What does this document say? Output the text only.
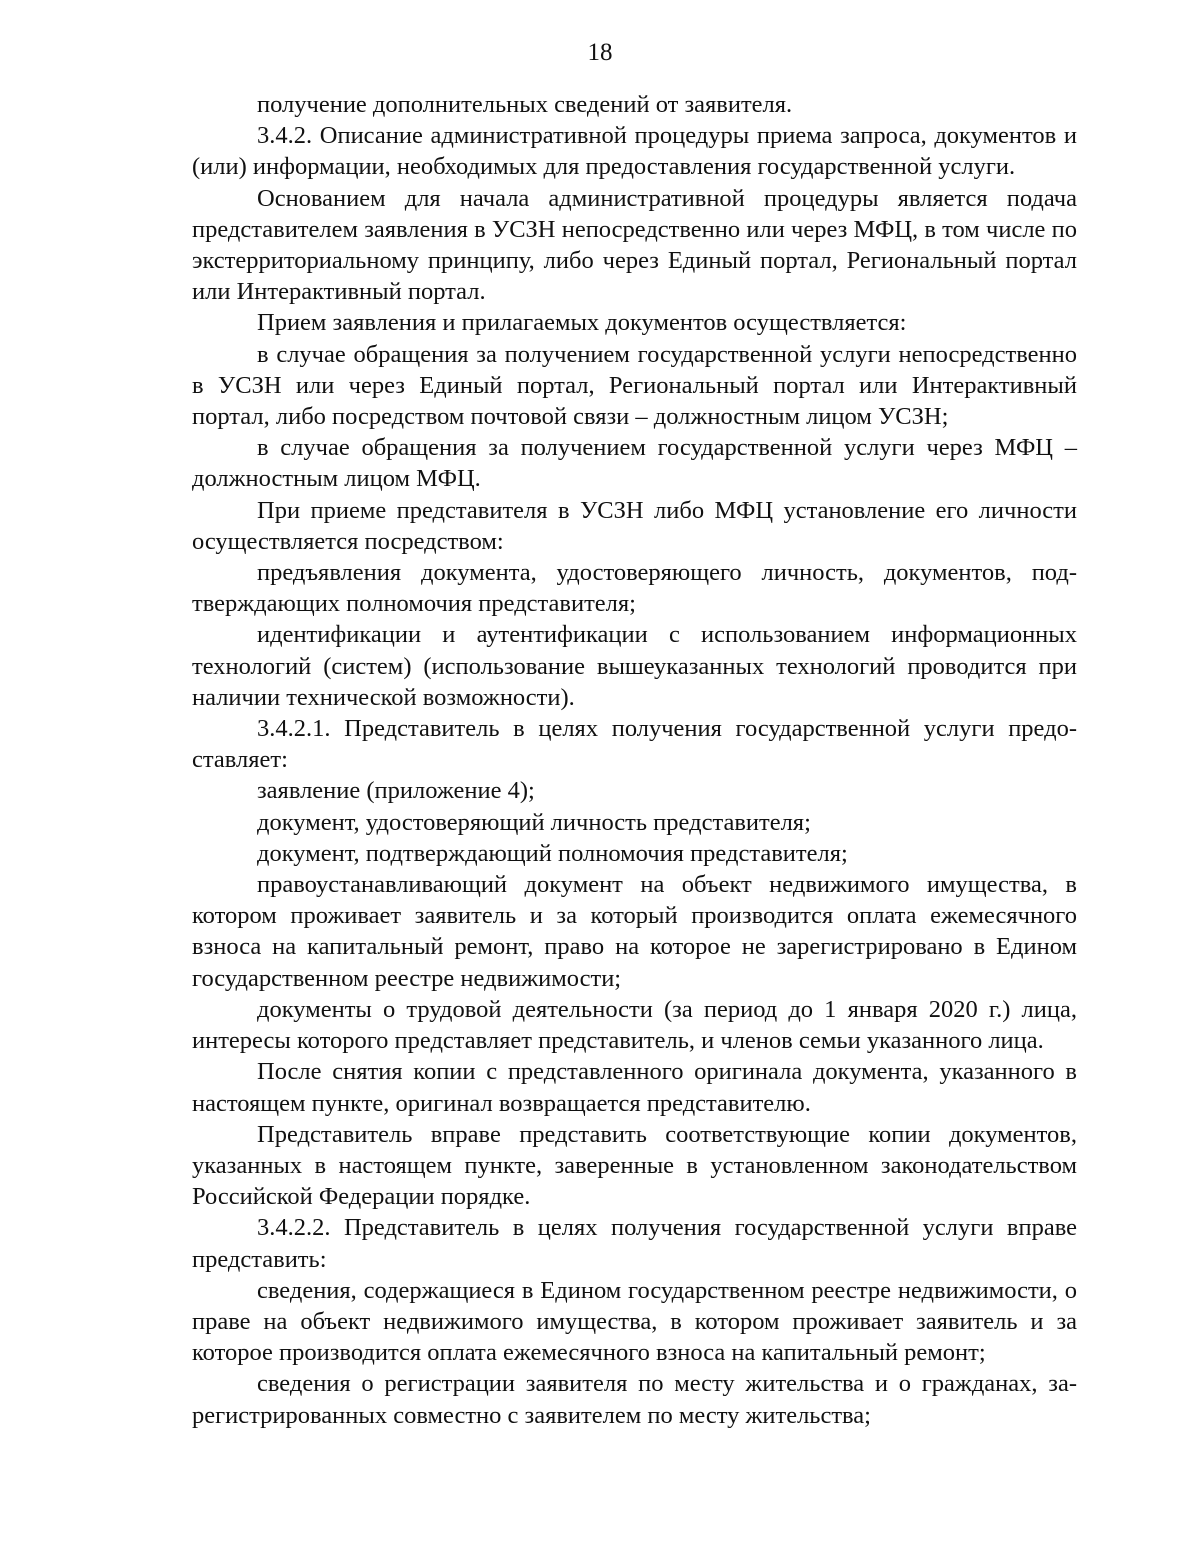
18

получение дополнительных сведений от заявителя.

3.4.2. Описание административной процедуры приема запроса, документов и (или) информации, необходимых для предоставления государственной услуги.

Основанием для начала административной процедуры является подача представителем заявления в УСЗН непосредственно или через МФЦ, в том числе по экстерриториальному принципу, либо через Единый портал, Региональный портал или Интерактивный портал.

Прием заявления и прилагаемых документов осуществляется:

в случае обращения за получением государственной услуги непосредственно в УСЗН или через Единый портал, Региональный портал или Интерактивный портал, либо посредством почтовой связи – должностным лицом УСЗН;

в случае обращения за получением государственной услуги через МФЦ – должностным лицом МФЦ.

При приеме представителя в УСЗН либо МФЦ установление его личности осуществляется посредством:

предъявления документа, удостоверяющего личность, документов, подтверждающих полномочия представителя;

идентификации и аутентификации с использованием информационных технологий (систем) (использование вышеуказанных технологий проводится при наличии технической возможности).

3.4.2.1. Представитель в целях получения государственной услуги предоставляет:

заявление (приложение 4);

документ, удостоверяющий личность представителя;

документ, подтверждающий полномочия представителя;

правоустанавливающий документ на объект недвижимого имущества, в котором проживает заявитель и за который производится оплата ежемесячного взноса на капитальный ремонт, право на которое не зарегистрировано в Едином государственном реестре недвижимости;

документы о трудовой деятельности (за период до 1 января 2020 г.) лица, интересы которого представляет представитель, и членов семьи указанного лица.

После снятия копии с представленного оригинала документа, указанного в настоящем пункте, оригинал возвращается представителю.

Представитель вправе представить соответствующие копии документов, указанных в настоящем пункте, заверенные в установленном законодательством Российской Федерации порядке.

3.4.2.2. Представитель в целях получения государственной услуги вправе представить:

сведения, содержащиеся в Едином государственном реестре недвижимости, о праве на объект недвижимого имущества, в котором проживает заявитель и за которое производится оплата ежемесячного взноса на капитальный ремонт;

сведения о регистрации заявителя по месту жительства и о гражданах, зарегистрированных совместно с заявителем по месту жительства;
